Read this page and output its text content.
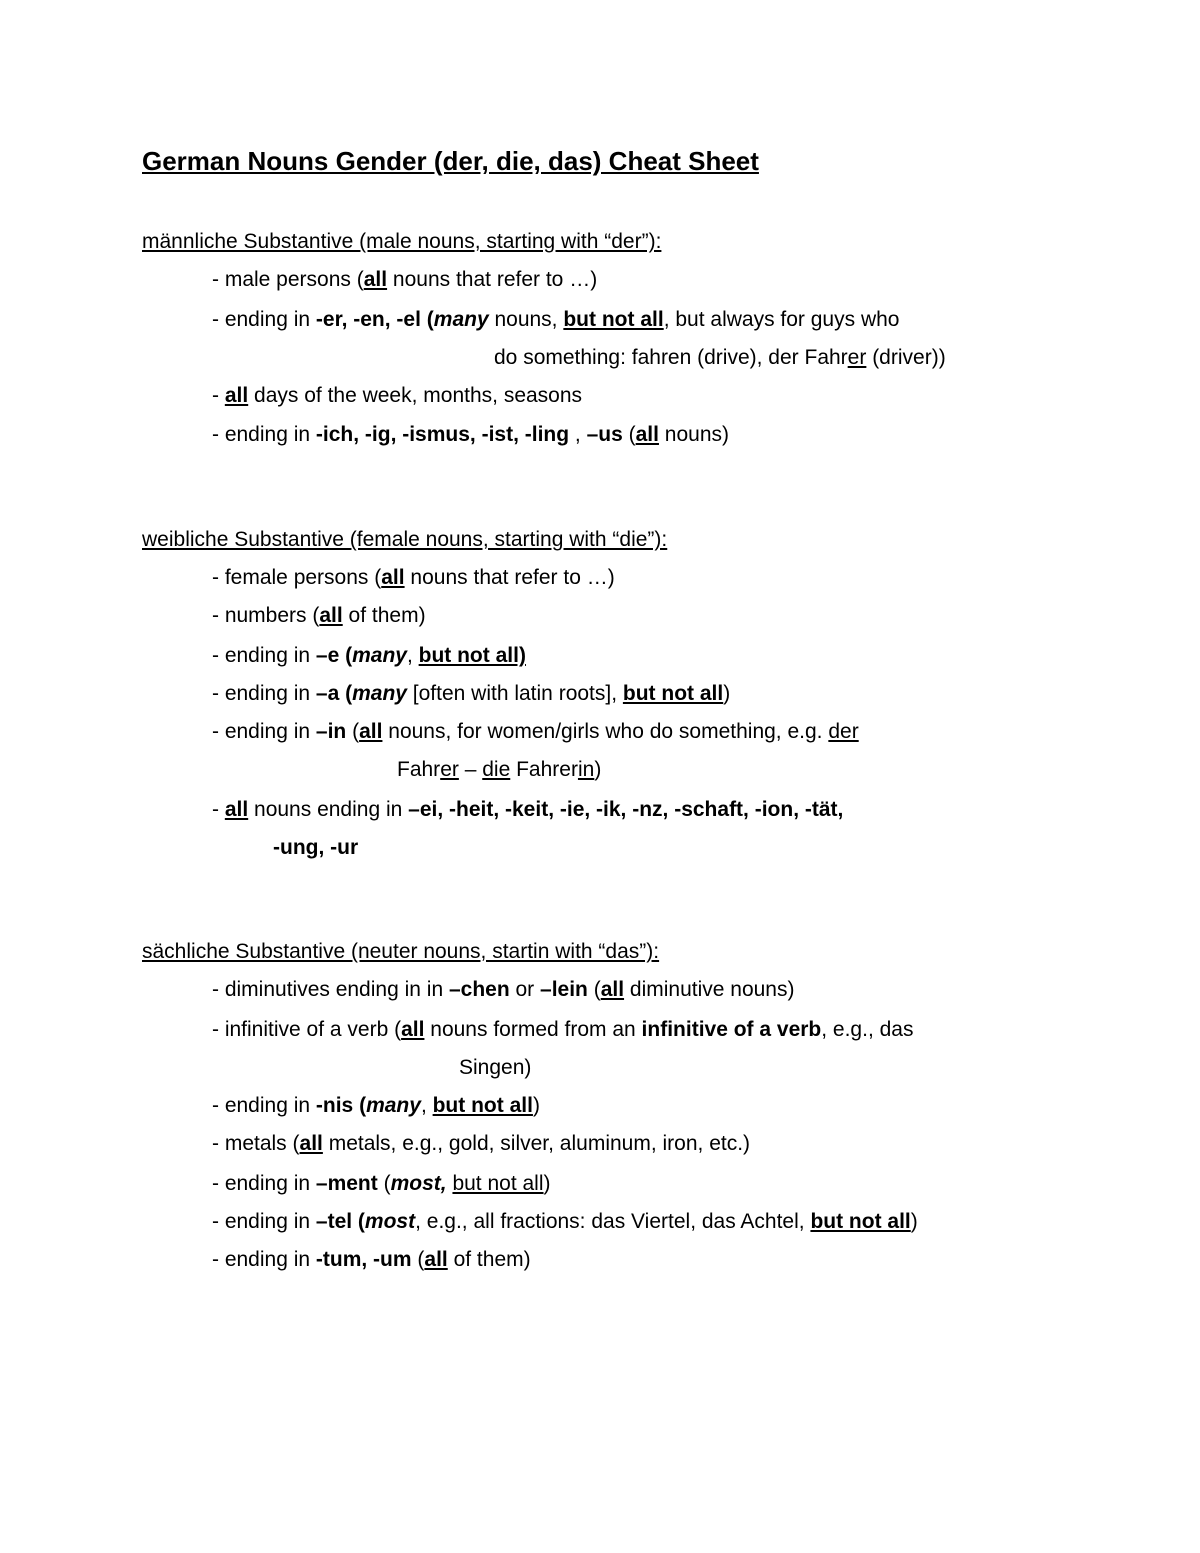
German Nouns Gender (der, die, das) Cheat Sheet
männliche Substantive (male nouns, starting with “der”):
- male persons (all nouns that refer to …)
- ending in -er, -en, -el (many nouns, but not all, but always for guys who
do something: fahren (drive), der Fahrer (driver))
- all days of the week, months, seasons
- ending in -ich, -ig, -ismus, -ist, -ling , –us (all nouns)
weibliche Substantive (female nouns, starting with “die”):
- female persons (all nouns that refer to …)
- numbers (all of them)
- ending in –e (many, but not all)
- ending in –a (many [often with latin roots], but not all)
- ending in –in (all nouns, for women/girls who do something, e.g. der
Fahrer – die Fahrerin)
- all nouns ending in –ei, -heit, -keit, -ie, -ik, -nz, -schaft, -ion, -tät,
-ung, -ur
sächliche Substantive (neuter nouns, startin with “das”):
- diminutives ending in in –chen or –lein (all diminutive nouns)
- infinitive of a verb (all nouns formed from an infinitive of a verb, e.g., das
Singen)
- ending in -nis (many, but not all)
- metals (all metals, e.g., gold, silver, aluminum, iron, etc.)
- ending in –ment (most, but not all)
- ending in –tel (most, e.g., all fractions: das Viertel, das Achtel, but not all)
- ending in -tum, -um (all of them)
